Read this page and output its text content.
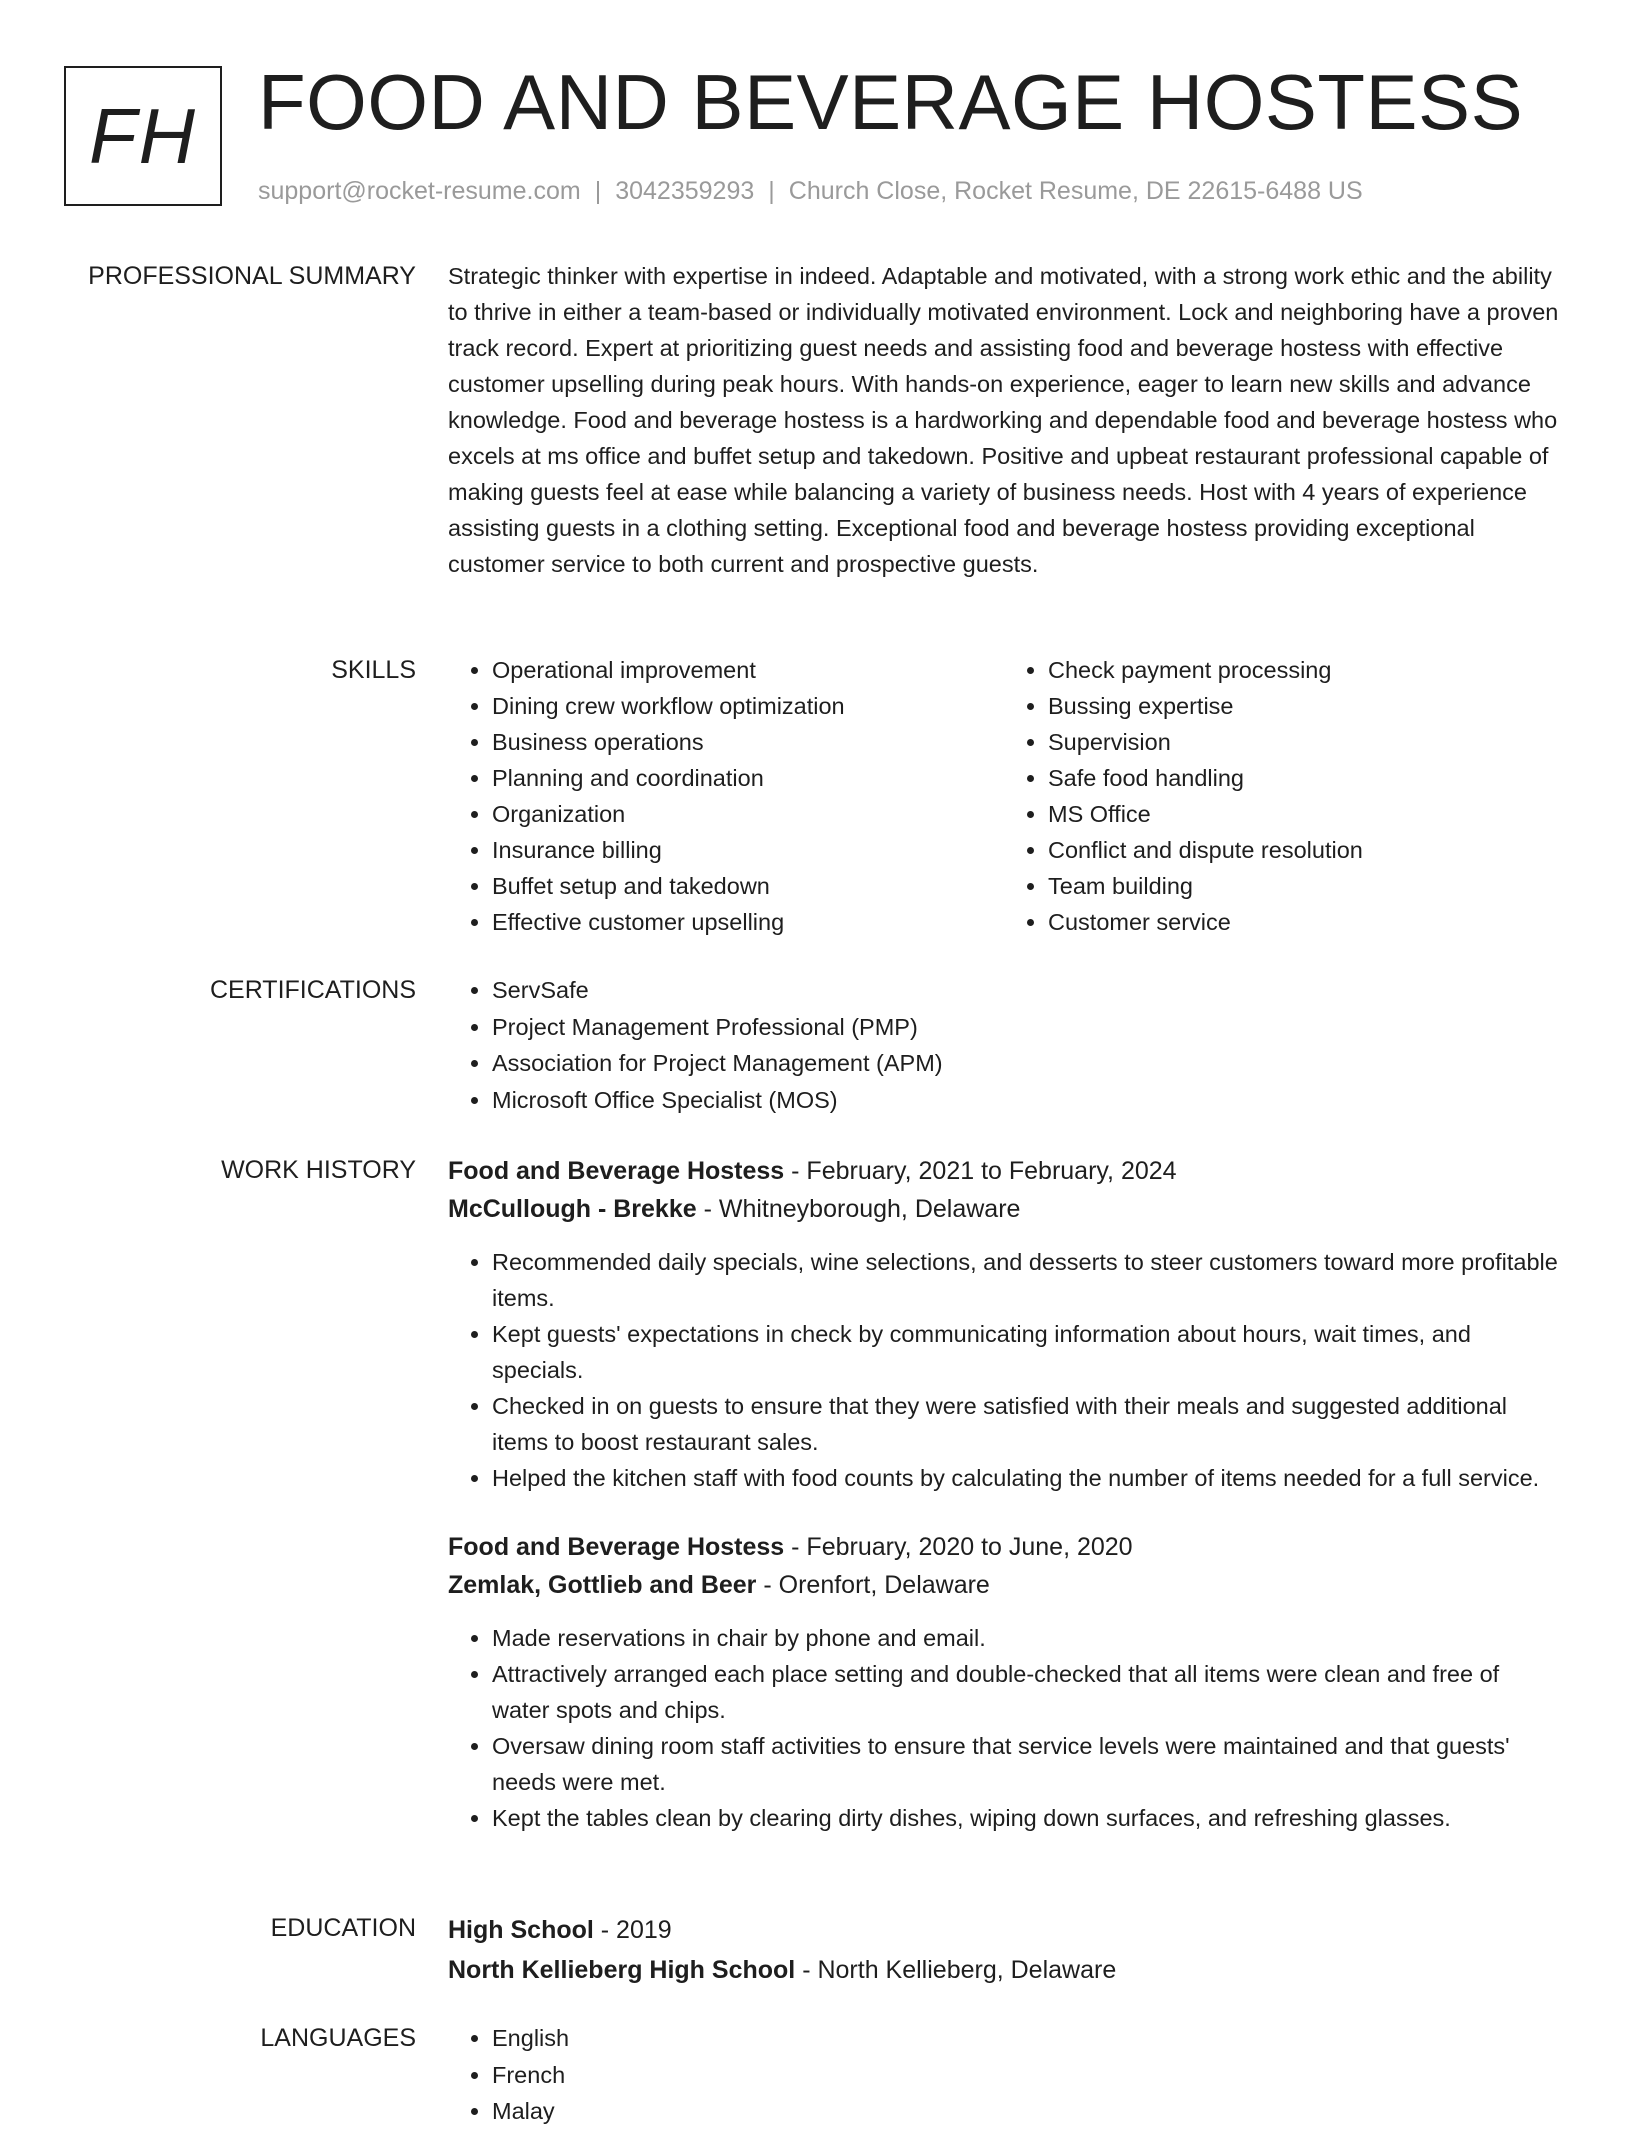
FH FOOD AND BEVERAGE HOSTESS
support@rocket-resume.com | 3042359293 | Church Close, Rocket Resume, DE 22615-6488 US
PROFESSIONAL SUMMARY Strategic thinker with expertise in indeed. Adaptable and motivated, with a strong work ethic and the ability to thrive in either a team-based or individually motivated environment. Lock and neighboring have a proven track record. Expert at prioritizing guest needs and assisting food and beverage hostess with effective customer upselling during peak hours. With hands-on experience, eager to learn new skills and advance knowledge. Food and beverage hostess is a hardworking and dependable food and beverage hostess who excels at ms office and buffet setup and takedown. Positive and upbeat restaurant professional capable of making guests feel at ease while balancing a variety of business needs. Host with 4 years of experience assisting guests in a clothing setting. Exceptional food and beverage hostess providing exceptional customer service to both current and prospective guests.

SKILLS	• Operational improvement
• Dining crew workflow optimization
• Business operations
• Planning and coordination
• Organization
• Insurance billing
• Buffet setup and takedown
• Effective customer upselling
• Check payment processing
• Bussing expertise
• Supervision
• Safe food handling
• MS Office
• Conflict and dispute resolution
• Team building
• Customer service
CERTIFICATIONS	• ServSafe
• Project Management Professional (PMP)
• Association for Project Management (APM)
• Microsoft Office Specialist (MOS)
WORK HISTORY Food and Beverage Hostess - February, 2021 to February, 2024
McCullough - Brekke - Whitneyborough, Delaware
• Recommended daily specials, wine selections, and desserts to steer customers toward more profitable items.
• Kept guests' expectations in check by communicating information about hours, wait times, and specials.
• Checked in on guests to ensure that they were satisfied with their meals and suggested additional items to boost restaurant sales.
• Helped the kitchen staff with food counts by calculating the number of items needed for a full service.
Food and Beverage Hostess - February, 2020 to June, 2020
Zemlak, Gottlieb and Beer - Orenfort, Delaware
• Made reservations in chair by phone and email.
• Attractively arranged each place setting and double-checked that all items were clean and free of water spots and chips.
• Oversaw dining room staff activities to ensure that service levels were maintained and that guests' needs were met.
• Kept the tables clean by clearing dirty dishes, wiping down surfaces, and refreshing glasses.
EDUCATION High School - 2019
North Kellieberg High School - North Kellieberg, Delaware
LANGUAGES	• English
• French
• Malay
